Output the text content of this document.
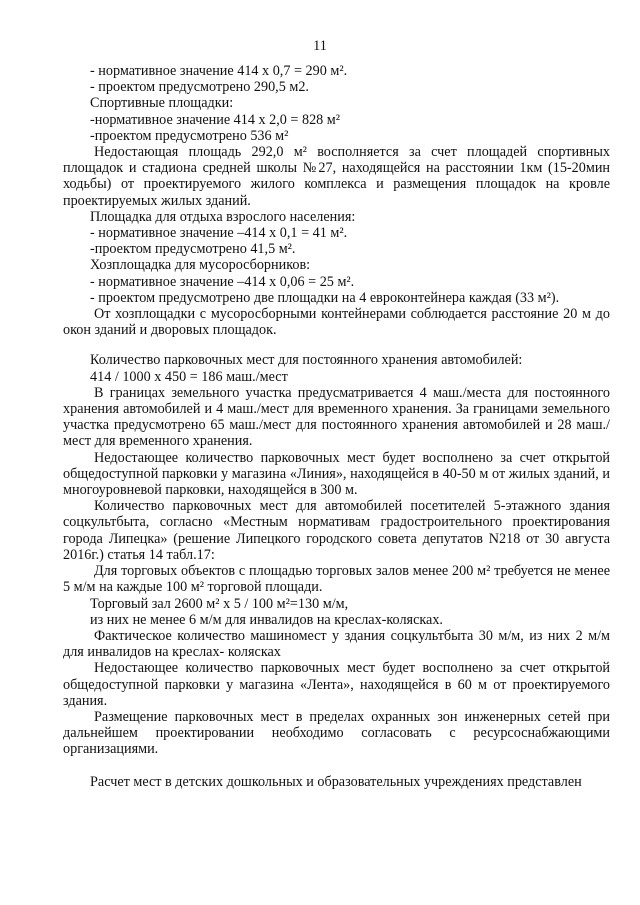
11
- нормативное значение 414 х 0,7 = 290 м².
- проектом предусмотрено 290,5 м2.
Спортивные площадки:
-нормативное значение 414 х 2,0 = 828 м²
-проектом предусмотрено 536 м²
Недостающая площадь 292,0 м² восполняется за счет площадей спортивных площадок и стадиона средней школы №27, находящейся на расстоянии 1км (15-20мин ходьбы) от проектируемого жилого комплекса и размещения площадок на кровле проектируемых жилых зданий.
Площадка для отдыха взрослого населения:
- нормативное значение –414 х 0,1 = 41 м².
-проектом предусмотрено 41,5 м².
Хозплощадка для мусоросборников:
- нормативное значение –414 х 0,06 = 25 м².
- проектом предусмотрено две площадки на 4 евроконтейнера каждая (33 м²).
От хозплощадки с мусоросборными контейнерами соблюдается расстояние 20 м до окон зданий и дворовых площадок.
Количество парковочных мест для постоянного хранения автомобилей:
414 / 1000 х 450 = 186 маш./мест
В границах земельного участка предусматривается 4 маш./места для постоянного хранения автомобилей и 4 маш./мест для временного хранения. За границами земельного участка предусмотрено 65 маш./мест для постоянного хранения автомобилей и 28 маш./мест для временного хранения.
Недостающее количество парковочных мест будет восполнено за счет открытой общедоступной парковки у магазина «Линия», находящейся в 40-50 м от жилых зданий, и многоуровневой парковки, находящейся в 300 м.
Количество парковочных мест для автомобилей посетителей 5-этажного здания соцкультбыта, согласно «Местным нормативам градостроительного проектирования города Липецка» (решение Липецкого городского совета депутатов N218 от 30 августа 2016г.) статья 14 табл.17:
Для торговых объектов с площадью торговых залов менее 200 м² требуется не менее 5 м/м на каждые 100 м² торговой площади.
Торговый зал 2600 м² х 5 / 100 м²=130 м/м,
из них не менее 6 м/м для инвалидов на креслах-колясках.
Фактическое количество машиномест у здания соцкультбыта 30 м/м, из них 2 м/м для инвалидов на креслах- колясках
Недостающее количество парковочных мест будет восполнено за счет открытой общедоступной парковки у магазина «Лента», находящейся в 60 м от проектируемого здания.
Размещение парковочных мест в пределах охранных зон инженерных сетей при дальнейшем проектировании необходимо согласовать с ресурсоснабжающими организациями.
Расчет мест в детских дошкольных и образовательных учреждениях представлен
